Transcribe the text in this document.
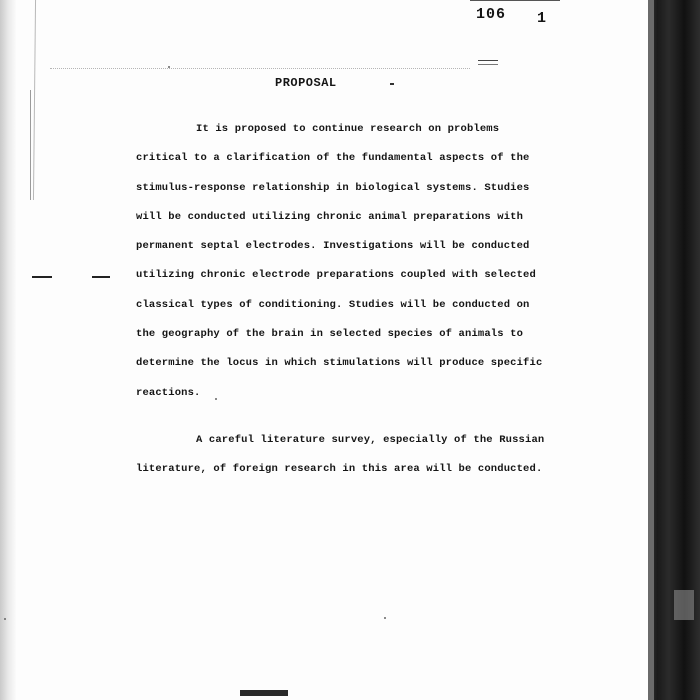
106 1
PROPOSAL
It is proposed to continue research on problems
critical to a clarification of the fundamental aspects of the
stimulus-response relationship in biological systems. Studies
will be conducted utilizing chronic animal preparations with
permanent septal electrodes. Investigations will be conducted
utilizing chronic electrode preparations coupled with selected
classical types of conditioning. Studies will be conducted on
the geography of the brain in selected species of animals to
determine the locus in which stimulations will produce specific
reactions.
A careful literature survey, especially of the Russian
literature, of foreign research in this area will be conducted.
